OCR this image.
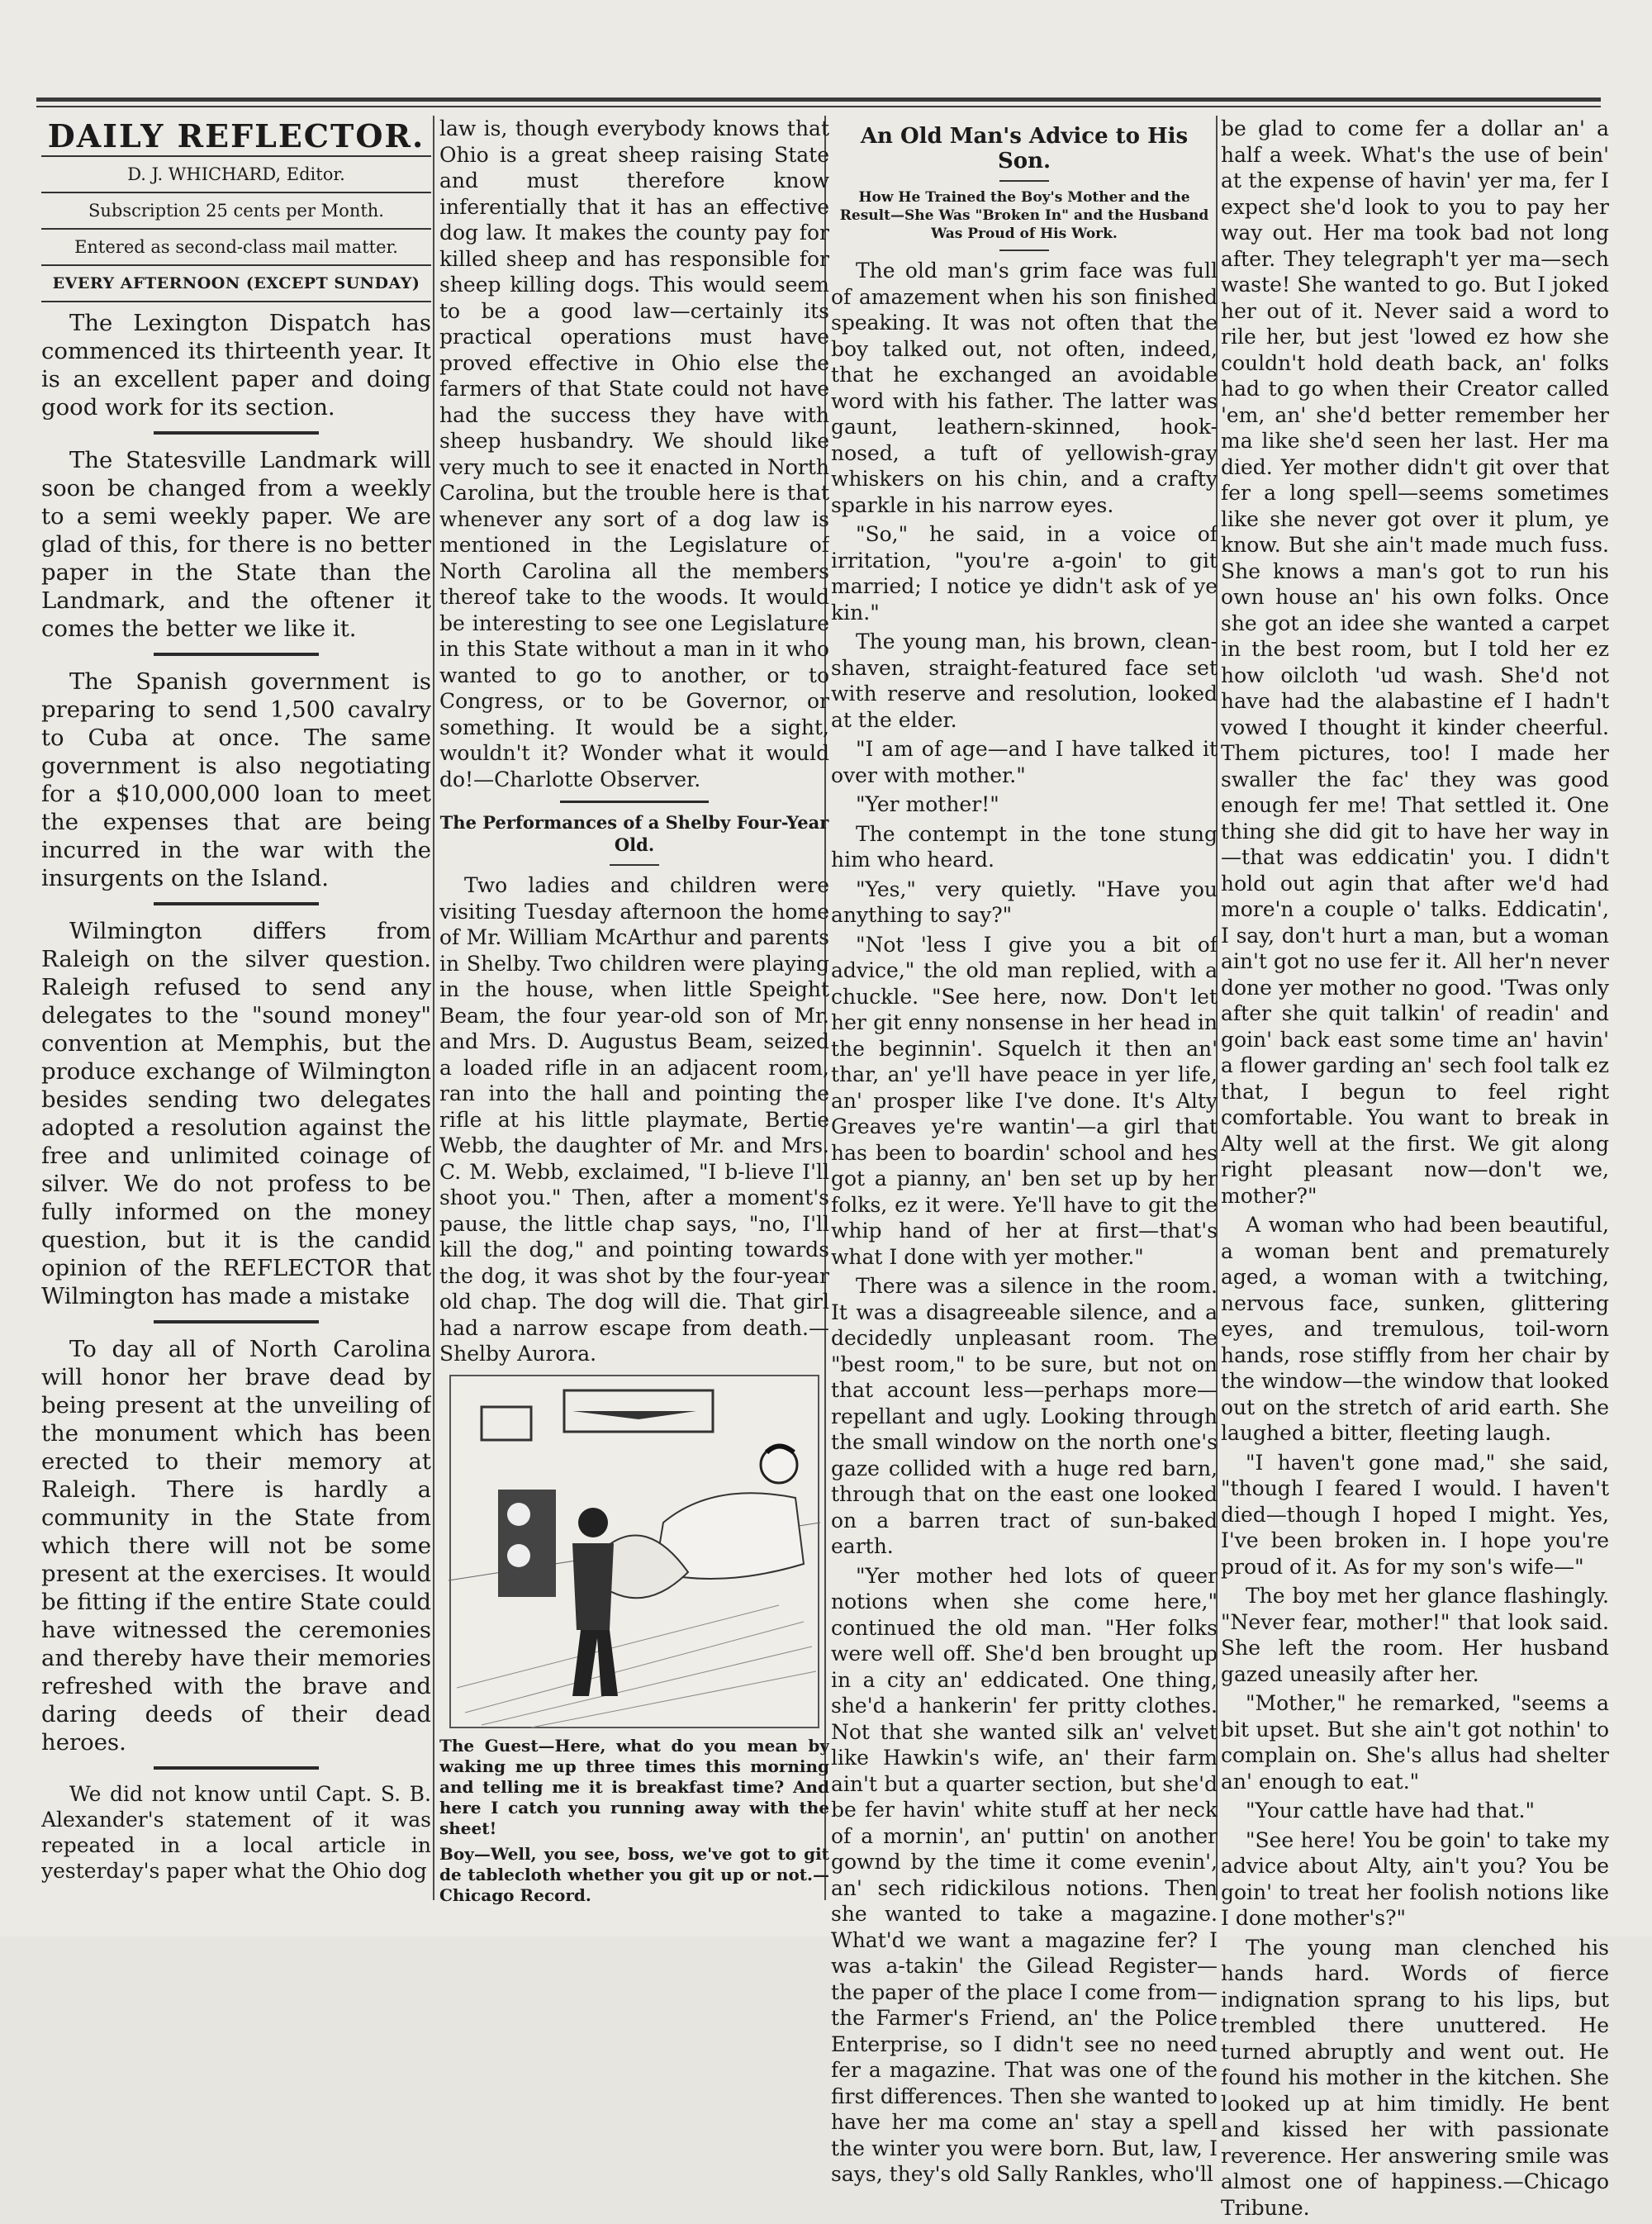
DAILY REFLECTOR.
D. J. WHICHARD, Editor.
Subscription 25 cents per Month.
Entered as second-class mail matter.
EVERY AFTERNOON (EXCEPT SUNDAY)

The Lexington Dispatch has commenced its thirteenth year. It is an excellent paper and doing good work for its section.

The Statesville Landmark will soon be changed from a weekly to a semi weekly paper. We are glad of this, for there is no better paper in the State than the Landmark, and the oftener it comes the better we like it.

The Spanish government is preparing to send 1,500 cavalry to Cuba at once. The same government is also negotiating for a $10,000,000 loan to meet the expenses that are being incurred in the war with the insurgents on the Island.

Wilmington differs from Raleigh on the silver question. Raleigh refused to send any delegates to the "sound money" convention at Memphis, but the produce exchange of Wilmington besides sending two delegates adopted a resolution against the free and unlimited coinage of silver. We do not profess to be fully informed on the money question, but it is the candid opinion of the REFLECTOR that Wilmington has made a mistake

To day all of North Carolina will honor her brave dead by being present at the unveiling of the monument which has been erected to their memory at Raleigh. There is hardly a community in the State from which there will not be some present at the exercises. It would be fitting if the entire State could have witnessed the ceremonies and thereby have their memories refreshed with the brave and daring deeds of their dead heroes.

We did not know until Capt. S. B. Alexander's statement of it was repeated in a local article in yesterday's paper what the Ohio dog

law is, though everybody knows that Ohio is a great sheep raising State and must therefore know inferentially that it has an effective dog law. It makes the county pay for killed sheep and has responsible for sheep killing dogs. This would seem to be a good law—certainly its practical operations must have proved effective in Ohio else the farmers of that State could not have had the success they have with sheep husbandry. We should like very much to see it enacted in North Carolina, but the trouble here is that whenever any sort of a dog law is mentioned in the Legislature of North Carolina all the members thereof take to the woods. It would be interesting to see one Legislature in this State without a man in it who wanted to go to another, or to Congress, or to be Governor, or something. It would be a sight, wouldn't it? Wonder what it would do!—Charlotte Observer.

The Performances of a Shelby Four-Year Old.

Two ladies and children were visiting Tuesday afternoon the home of Mr. William McArthur and parents in Shelby. Two children were playing in the house, when little Speight Beam, the four year-old son of Mr. and Mrs. D. Augustus Beam, seized a loaded rifle in an adjacent room, ran into the hall and pointing the rifle at his little playmate, Bertie Webb, the daughter of Mr. and Mrs. C. M. Webb, exclaimed, "I b-lieve I'll shoot you." Then, after a moment's pause, the little chap says, "no, I'll kill the dog," and pointing towards the dog, it was shot by the four-year old chap. The dog will die. That girl had a narrow escape from death.—Shelby Aurora.

The Guest—Here, what do you mean by waking me up three times this morning and telling me it is breakfast time? And here I catch you running away with the sheet!
Boy—Well, you see, boss, we've got to git de tablecloth whether you git up or not.—Chicago Record.
An Old Man's Advice to His Son.
How He Trained the Boy's Mother and the Result—She Was "Broken In" and the Husband Was Proud of His Work.

The old man's grim face was full of amazement when his son finished speaking. It was not often that the boy talked out, not often, indeed, that he exchanged an avoidable word with his father. The latter was gaunt, leathern-skinned, hook-nosed, a tuft of yellowish-gray whiskers on his chin, and a crafty sparkle in his narrow eyes.

"So," he said, in a voice of irritation, "you're a-goin' to git married; I notice ye didn't ask of ye kin."

The young man, his brown, clean-shaven, straight-featured face set with reserve and resolution, looked at the elder.

"I am of age—and I have talked it over with mother."

"Yer mother!"

The contempt in the tone stung him who heard.

"Yes," very quietly. "Have you anything to say?"

"Not 'less I give you a bit of advice," the old man replied, with a chuckle. "See here, now. Don't let her git enny nonsense in her head in the beginnin'. Squelch it then an' thar, an' ye'll have peace in yer life, an' prosper like I've done. It's Alty Greaves ye're wantin'—a girl that has been to boardin' school and hes got a pianny, an' ben set up by her folks, ez it were. Ye'll have to git the whip hand of her at first—that's what I done with yer mother."

There was a silence in the room. It was a disagreeable silence, and a decidedly unpleasant room. The "best room," to be sure, but not on that account less—perhaps more—repellant and ugly. Looking through the small window on the north one's gaze collided with a huge red barn, through that on the east one looked on a barren tract of sun-baked earth.

"Yer mother hed lots of queer notions when she come here," continued the old man. "Her folks were well off. She'd ben brought up in a city an' eddicated. One thing, she'd a hankerin' fer pritty clothes. Not that she wanted silk an' velvet like Hawkin's wife, an' their farm ain't but a quarter section, but she'd be fer havin' white stuff at her neck of a mornin', an' puttin' on another gownd by the time it come evenin', an' sech ridickilous notions. Then she wanted to take a magazine. What'd we want a magazine fer? I was a-takin' the Gilead Register—the paper of the place I come from—the Farmer's Friend, an' the Police Enterprise, so I didn't see no need fer a magazine. That was one of the first differences. Then she wanted to have her ma come an' stay a spell the winter you were born. But, law, I says, they's old Sally Rankles, who'll

be glad to come fer a dollar an' a half a week. What's the use of bein' at the expense of havin' yer ma, fer I expect she'd look to you to pay her way out. Her ma took bad not long after. They telegraph't yer ma—sech waste! She wanted to go. But I joked her out of it. Never said a word to rile her, but jest 'lowed ez how she couldn't hold death back, an' folks had to go when their Creator called 'em, an' she'd better remember her ma like she'd seen her last. Her ma died. Yer mother didn't git over that fer a long spell—seems sometimes like she never got over it plum, ye know. But she ain't made much fuss. She knows a man's got to run his own house an' his own folks. Once she got an idee she wanted a carpet in the best room, but I told her ez how oilcloth 'ud wash. She'd not have had the alabastine ef I hadn't vowed I thought it kinder cheerful. Them pictures, too! I made her swaller the fac' they was good enough fer me! That settled it. One thing she did git to have her way in—that was eddicatin' you. I didn't hold out agin that after we'd had more'n a couple o' talks. Eddicatin', I say, don't hurt a man, but a woman ain't got no use fer it. All her'n never done yer mother no good. 'Twas only after she quit talkin' of readin' and goin' back east some time an' havin' a flower garding an' sech fool talk ez that, I begun to feel right comfortable. You want to break in Alty well at the first. We git along right pleasant now—don't we, mother?"

A woman who had been beautiful, a woman bent and prematurely aged, a woman with a twitching, nervous face, sunken, glittering eyes, and tremulous, toil-worn hands, rose stiffly from her chair by the window—the window that looked out on the stretch of arid earth. She laughed a bitter, fleeting laugh.

"I haven't gone mad," she said, "though I feared I would. I haven't died—though I hoped I might. Yes, I've been broken in. I hope you're proud of it. As for my son's wife—"

The boy met her glance flashingly. "Never fear, mother!" that look said. She left the room. Her husband gazed uneasily after her.

"Mother," he remarked, "seems a bit upset. But she ain't got nothin' to complain on. She's allus had shelter an' enough to eat."

"Your cattle have had that."

"See here! You be goin' to take my advice about Alty, ain't you? You be goin' to treat her foolish notions like I done mother's?"

The young man clenched his hands hard. Words of fierce indignation sprang to his lips, but trembled there unuttered. He turned abruptly and went out. He found his mother in the kitchen. She looked up at him timidly. He bent and kissed her with passionate reverence. Her answering smile was almost one of happiness.—Chicago Tribune.
